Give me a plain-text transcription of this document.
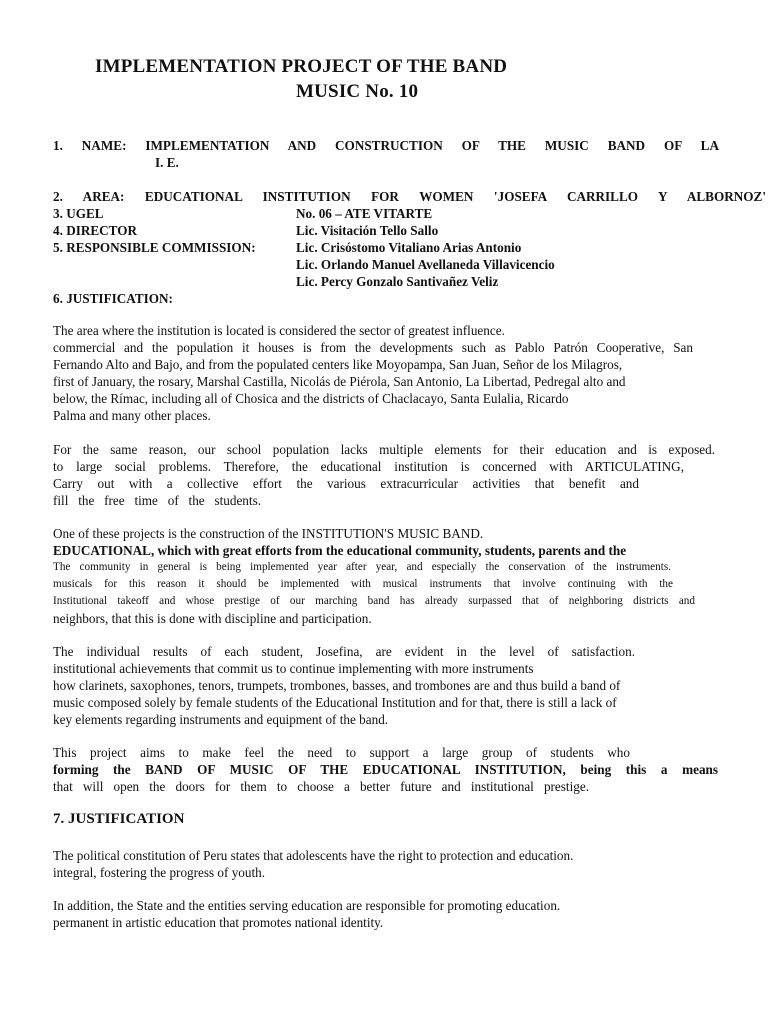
IMPLEMENTATION PROJECT OF THE BAND
MUSIC No. 10
1. NAME: IMPLEMENTATION AND CONSTRUCTION OF THE MUSIC BAND OF LA
I. E.
2. AREA: EDUCATIONAL INSTITUTION FOR WOMEN 'JOSEFA CARRILLO Y ALBORNOZ'
3. UGEL	No. 06 – ATE VITARTE
4. DIRECTOR	Lic. Visitación Tello Sallo
5. RESPONSIBLE COMMISSION:	Lic. Crisóstomo Vitaliano Arias Antonio
Lic. Orlando Manuel Avellaneda Villavicencio
Lic. Percy Gonzalo Santivañez Veliz
6. JUSTIFICATION:
The area where the institution is located is considered the sector of greatest influence.
commercial and the population it houses is from the developments such as Pablo Patrón Cooperative, San
Fernando Alto and Bajo, and from the populated centers like Moyopampa, San Juan, Señor de los Milagros,
first of January, the rosary, Marshal Castilla, Nicolás de Piérola, San Antonio, La Libertad, Pedregal alto and
below, the Rímac, including all of Chosica and the districts of Chaclacayo, Santa Eulalia, Ricardo
Palma and many other places.
For the same reason, our school population lacks multiple elements for their education and is exposed.
to large social problems. Therefore, the educational institution is concerned with ARTICULATING,
Carry out with a collective effort the various extracurricular activities that benefit and
fill the free time of the students.
One of these projects is the construction of the INSTITUTION'S MUSIC BAND.
EDUCATIONAL, which with great efforts from the educational community, students, parents and the
The community in general is being implemented year after year, and especially the conservation of the instruments.
musicals for this reason it should be implemented with musical instruments that involve continuing with the
Institutional takeoff and whose prestige of our marching band has already surpassed that of neighboring districts and
neighbors, that this is done with discipline and participation.
The individual results of each student, Josefina, are evident in the level of satisfaction.
institutional achievements that commit us to continue implementing with more instruments
how clarinets, saxophones, tenors, trumpets, trombones, basses, and trombones are and thus build a band of
music composed solely by female students of the Educational Institution and for that, there is still a lack of
key elements regarding instruments and equipment of the band.
This project aims to make feel the need to support a large group of students who
forming the BAND OF MUSIC OF THE EDUCATIONAL INSTITUTION, being this a means
that will open the doors for them to choose a better future and institutional prestige.
7. JUSTIFICATION
The political constitution of Peru states that adolescents have the right to protection and education.
integral, fostering the progress of youth.
In addition, the State and the entities serving education are responsible for promoting education.
permanent in artistic education that promotes national identity.
